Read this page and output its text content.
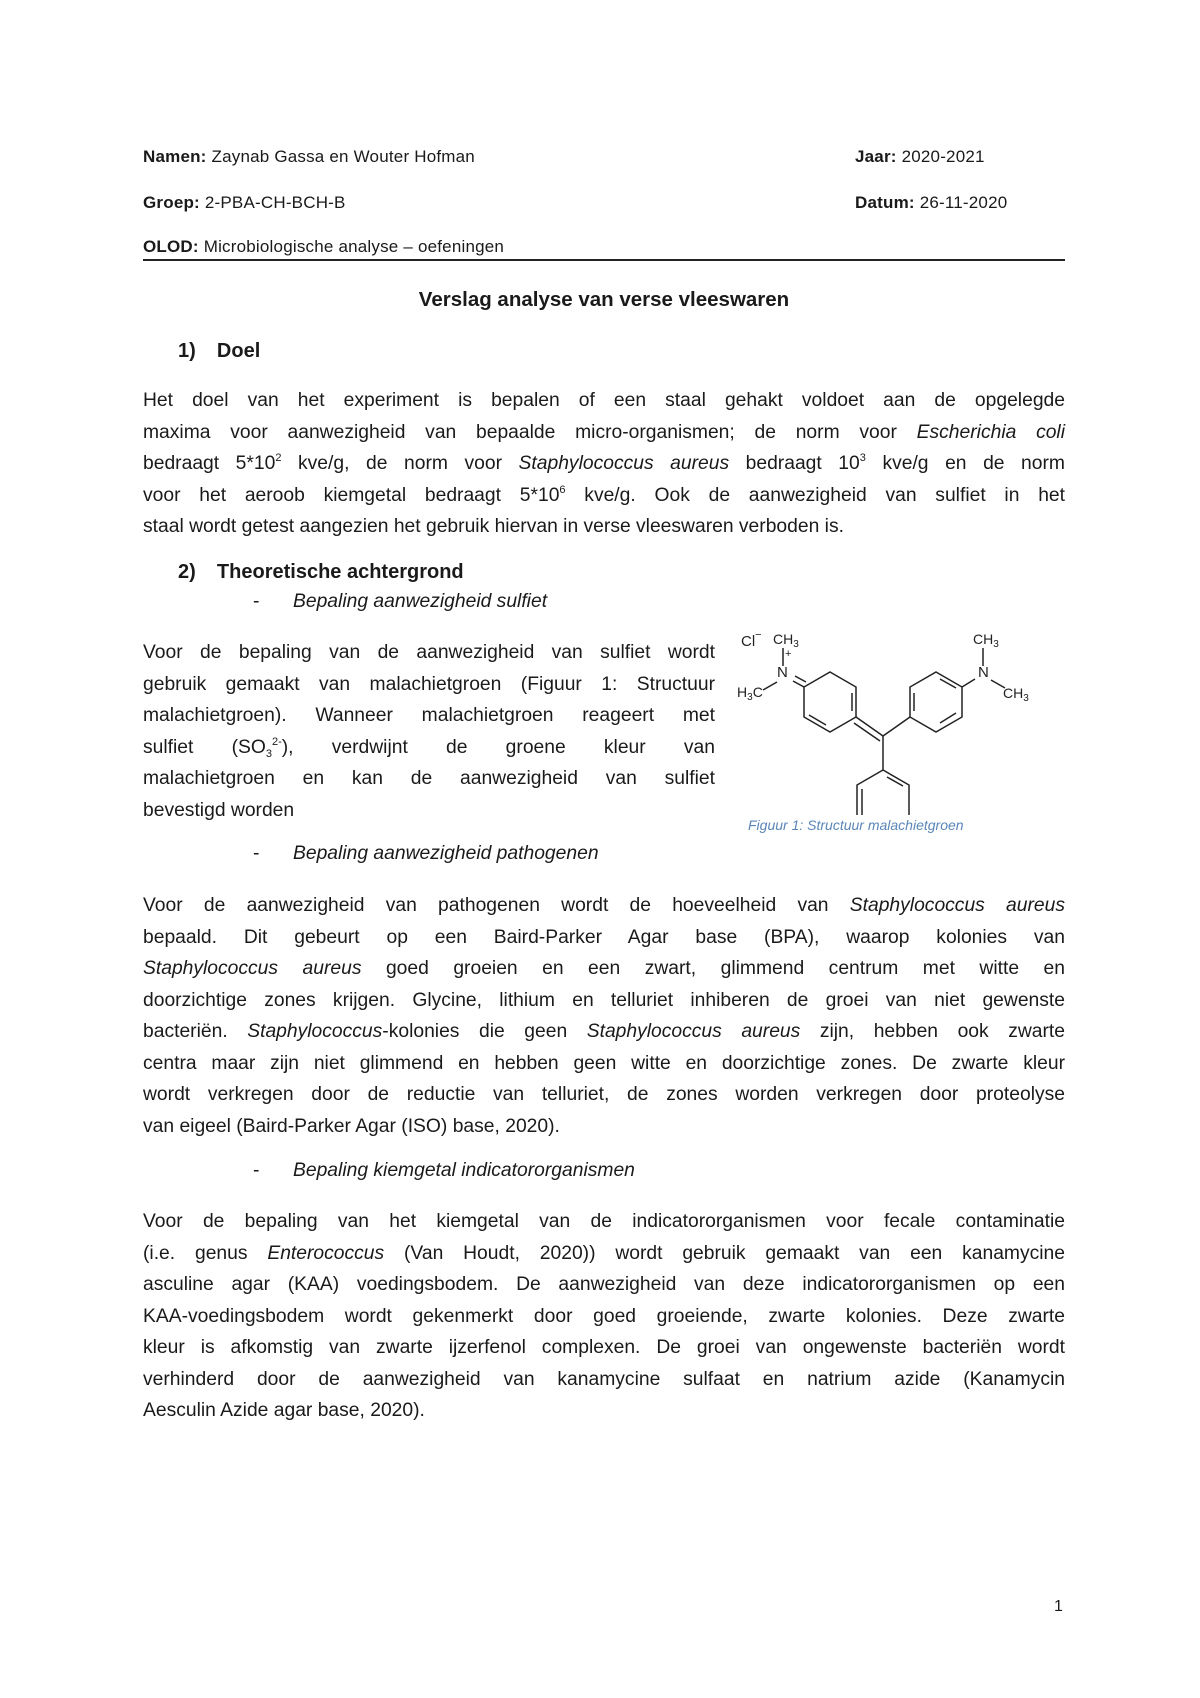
Namen: Zaynab Gassa en Wouter Hofman	Jaar: 2020-2021
Groep: 2-PBA-CH-BCH-B	Datum: 26-11-2020
OLOD: Microbiologische analyse – oefeningen
Verslag analyse van verse vleeswaren
1) Doel

Het doel van het experiment is bepalen of een staal gehakt voldoet aan de opgelegde

maxima voor aanwezigheid van bepaalde micro-organismen; de norm voor Escherichia coli

bedraagt $5*10^2$ kve/g, de norm voor Staphylococcus aureus bedraagt $10^3$ kve/g en de norm

voor het aeroob kiemgetal bedraagt $5*10^6$ kve/g. Ook de aanwezigheid van sulfiet in het

staal wordt getest aangezien het gebruik hiervan in verse vleeswaren verboden is.

2) Theoretische achtergrond
- Bepaling aanwezigheid sulfiet

Voor de bepaling van de aanwezigheid van sulfiet wordt

gebruik gemaakt van malachietgroen (Figuur 1: Structuur

malachietgroen). Wanneer malachietgroen reageert met

sulfiet $(SO_3^{2-})$, verdwijnt de groene kleur van

malachietgroen en kan de aanwezigheid van sulfiet

bevestigd worden

Cl− $CH_3$
+
N
$H_3C$
$CH_3$
N
$CH_3$
Figuur 1: Structuur malachietgroen
- Bepaling aanwezigheid pathogenen

Voor de aanwezigheid van pathogenen wordt de hoeveelheid van Staphylococcus aureus

bepaald. Dit gebeurt op een Baird-Parker Agar base (BPA), waarop kolonies van

Staphylococcus aureus goed groeien en een zwart, glimmend centrum met witte en

doorzichtige zones krijgen. Glycine, lithium en telluriet inhiberen de groei van niet gewenste

bacteriën. Staphylococcus-kolonies die geen Staphylococcus aureus zijn, hebben ook zwarte

centra maar zijn niet glimmend en hebben geen witte en doorzichtige zones. De zwarte kleur

wordt verkregen door de reductie van telluriet, de zones worden verkregen door proteolyse

van eigeel (Baird-Parker Agar (ISO) base, 2020).

- Bepaling kiemgetal indicatororganismen

Voor de bepaling van het kiemgetal van de indicatororganismen voor fecale contaminatie

(i.e. genus Enterococcus (Van Houdt, 2020)) wordt gebruik gemaakt van een kanamycine

asculine agar (KAA) voedingsbodem. De aanwezigheid van deze indicatororganismen op een

KAA-voedingsbodem wordt gekenmerkt door goed groeiende, zwarte kolonies. Deze zwarte

kleur is afkomstig van zwarte ijzerfenol complexen. De groei van ongewenste bacteriën wordt

verhinderd door de aanwezigheid van kanamycine sulfaat en natrium azide (Kanamycin

Aesculin Azide agar base, 2020).

1
